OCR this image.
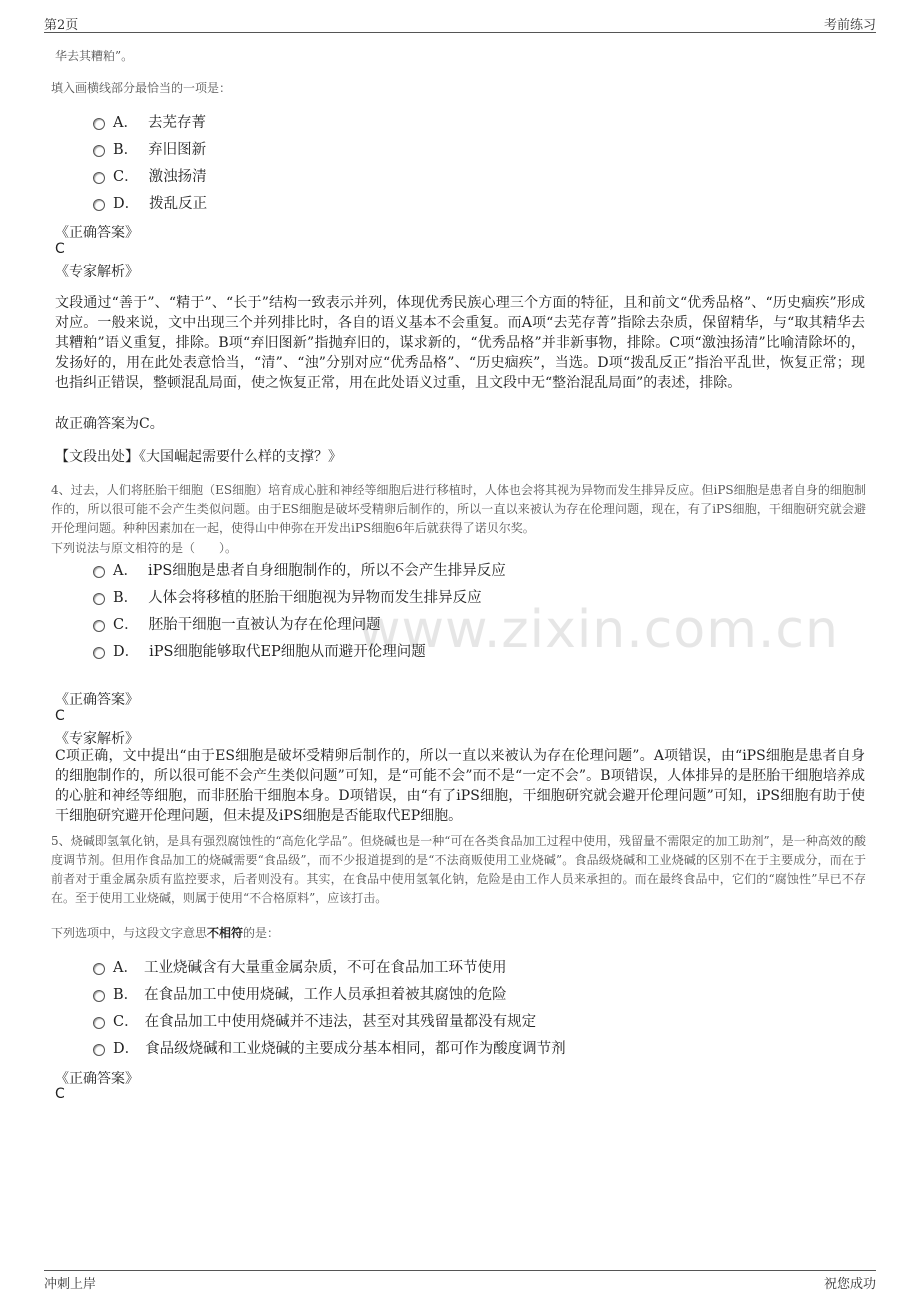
第2页	考前练习
www.zixin.com.cn
华去其糟粕”。
填入画横线部分最恰当的一项是：
A． 去芜存菁
B． 弃旧图新
C． 激浊扬清
D． 拨乱反正
《正确答案》
C
《专家解析》
文段通过“善于”、“精于”、“长于”结构一致表示并列，体现优秀民族心理三个方面的特征，且和前文“优秀品格”、“历史痼疾”形成对应。一般来说，文中出现三个并列排比时，各自的语义基本不会重复。而A项“去芜存菁”指除去杂质，保留精华，与“取其精华去其糟粕”语义重复，排除。B项“弃旧图新”指抛弃旧的，谋求新的，“优秀品格”并非新事物，排除。C项“激浊扬清”比喻清除坏的，发扬好的，用在此处表意恰当，“清”、“浊”分别对应“优秀品格”、“历史痼疾”，当选。D项“拨乱反正”指治平乱世，恢复正常；现也指纠正错误，整顿混乱局面，使之恢复正常，用在此处语义过重，且文段中无“整治混乱局面”的表述，排除。
故正确答案为C。
【文段出处】《大国崛起需要什么样的支撑？》
4、过去，人们将胚胎干细胞（ES细胞）培育成心脏和神经等细胞后进行移植时，人体也会将其视为异物而发生排异反应。但iPS细胞是患者自身的细胞制作的，所以很可能不会产生类似问题。由于ES细胞是破坏受精卵后制作的，所以一直以来被认为存在伦理问题，现在，有了iPS细胞，干细胞研究就会避开伦理问题。种种因素加在一起，使得山中伸弥在开发出iPS细胞6年后就获得了诺贝尔奖。
下列说法与原文相符的是（　　）。
A． iPS细胞是患者自身细胞制作的，所以不会产生排异反应
B． 人体会将移植的胚胎干细胞视为异物而发生排异反应
C． 胚胎干细胞一直被认为存在伦理问题
D． iPS细胞能够取代EP细胞从而避开伦理问题
《正确答案》
C
《专家解析》
C项正确，文中提出“由于ES细胞是破坏受精卵后制作的，所以一直以来被认为存在伦理问题”。A项错误，由“iPS细胞是患者自身的细胞制作的，所以很可能不会产生类似问题”可知，是“可能不会”而不是“一定不会”。B项错误，人体排异的是胚胎干细胞培养成的心脏和神经等细胞，而非胚胎干细胞本身。D项错误，由“有了iPS细胞，干细胞研究就会避开伦理问题”可知，iPS细胞有助于使干细胞研究避开伦理问题，但未提及iPS细胞是否能取代EP细胞。
5、烧碱即氢氧化钠，是具有强烈腐蚀性的“高危化学品”。但烧碱也是一种“可在各类食品加工过程中使用，残留量不需限定的加工助剂”，是一种高效的酸度调节剂。但用作食品加工的烧碱需要“食品级”，而不少报道提到的是“不法商贩使用工业烧碱”。食品级烧碱和工业烧碱的区别不在于主要成分，而在于前者对于重金属杂质有监控要求，后者则没有。其实，在食品中使用氢氧化钠，危险是由工作人员来承担的。而在最终食品中，它们的“腐蚀性”早已不存在。至于使用工业烧碱，则属于使用“不合格原料”，应该打击。
下列选项中，与这段文字意思不相符的是：
A． 工业烧碱含有大量重金属杂质，不可在食品加工环节使用
B． 在食品加工中使用烧碱，工作人员承担着被其腐蚀的危险
C． 在食品加工中使用烧碱并不违法，甚至对其残留量都没有规定
D． 食品级烧碱和工业烧碱的主要成分基本相同，都可作为酸度调节剂
《正确答案》
C
冲刺上岸	祝您成功
